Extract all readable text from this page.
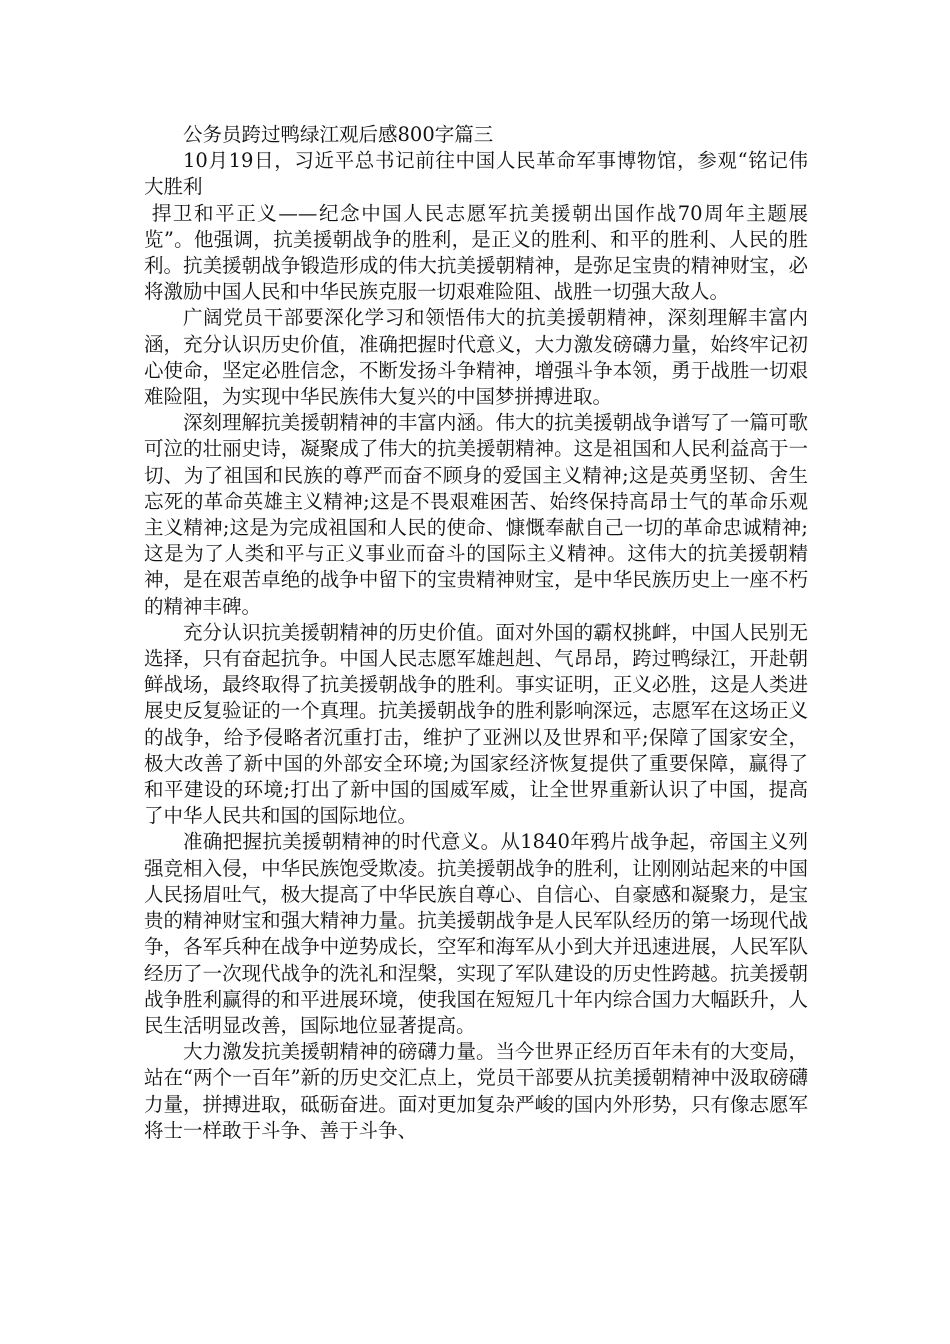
公务员跨过鸭绿江观后感800字篇三

10月19日，习近平总书记前往中国人民革命军事博物馆，参观“铭记伟大胜利

捍卫和平正义——纪念中国人民志愿军抗美援朝出国作战70周年主题展览”。他强调，抗美援朝战争的胜利，是正义的胜利、和平的胜利、人民的胜利。抗美援朝战争锻造形成的伟大抗美援朝精神，是弥足宝贵的精神财宝，必将激励中国人民和中华民族克服一切艰难险阻、战胜一切强大敌人。

广阔党员干部要深化学习和领悟伟大的抗美援朝精神，深刻理解丰富内涵，充分认识历史价值，准确把握时代意义，大力激发磅礴力量，始终牢记初心使命，坚定必胜信念，不断发扬斗争精神，增强斗争本领，勇于战胜一切艰难险阻，为实现中华民族伟大复兴的中国梦拼搏进取。

深刻理解抗美援朝精神的丰富内涵。伟大的抗美援朝战争谱写了一篇可歌可泣的壮丽史诗，凝聚成了伟大的抗美援朝精神。这是祖国和人民利益高于一切、为了祖国和民族的尊严而奋不顾身的爱国主义精神;这是英勇坚韧、舍生忘死的革命英雄主义精神;这是不畏艰难困苦、始终保持高昂士气的革命乐观主义精神;这是为完成祖国和人民的使命、慷慨奉献自己一切的革命忠诚精神;这是为了人类和平与正义事业而奋斗的国际主义精神。这伟大的抗美援朝精神，是在艰苦卓绝的战争中留下的宝贵精神财宝，是中华民族历史上一座不朽的精神丰碑。

充分认识抗美援朝精神的历史价值。面对外国的霸权挑衅，中国人民别无选择，只有奋起抗争。中国人民志愿军雄赳赳、气昂昂，跨过鸭绿江，开赴朝鲜战场，最终取得了抗美援朝战争的胜利。事实证明，正义必胜，这是人类进展史反复验证的一个真理。抗美援朝战争的胜利影响深远，志愿军在这场正义的战争，给予侵略者沉重打击，维护了亚洲以及世界和平;保障了国家安全，极大改善了新中国的外部安全环境;为国家经济恢复提供了重要保障，赢得了和平建设的环境;打出了新中国的国威军威，让全世界重新认识了中国，提高了中华人民共和国的国际地位。

准确把握抗美援朝精神的时代意义。从1840年鸦片战争起，帝国主义列强竞相入侵，中华民族饱受欺凌。抗美援朝战争的胜利，让刚刚站起来的中国人民扬眉吐气，极大提高了中华民族自尊心、自信心、自豪感和凝聚力，是宝贵的精神财宝和强大精神力量。抗美援朝战争是人民军队经历的第一场现代战争，各军兵种在战争中逆势成长，空军和海军从小到大并迅速进展，人民军队经历了一次现代战争的洗礼和涅槃，实现了军队建设的历史性跨越。抗美援朝战争胜利赢得的和平进展环境，使我国在短短几十年内综合国力大幅跃升，人民生活明显改善，国际地位显著提高。

大力激发抗美援朝精神的磅礴力量。当今世界正经历百年未有的大变局，站在“两个一百年”新的历史交汇点上，党员干部要从抗美援朝精神中汲取磅礴力量，拼搏进取，砥砺奋进。面对更加复杂严峻的国内外形势，只有像志愿军将士一样敢于斗争、善于斗争、
